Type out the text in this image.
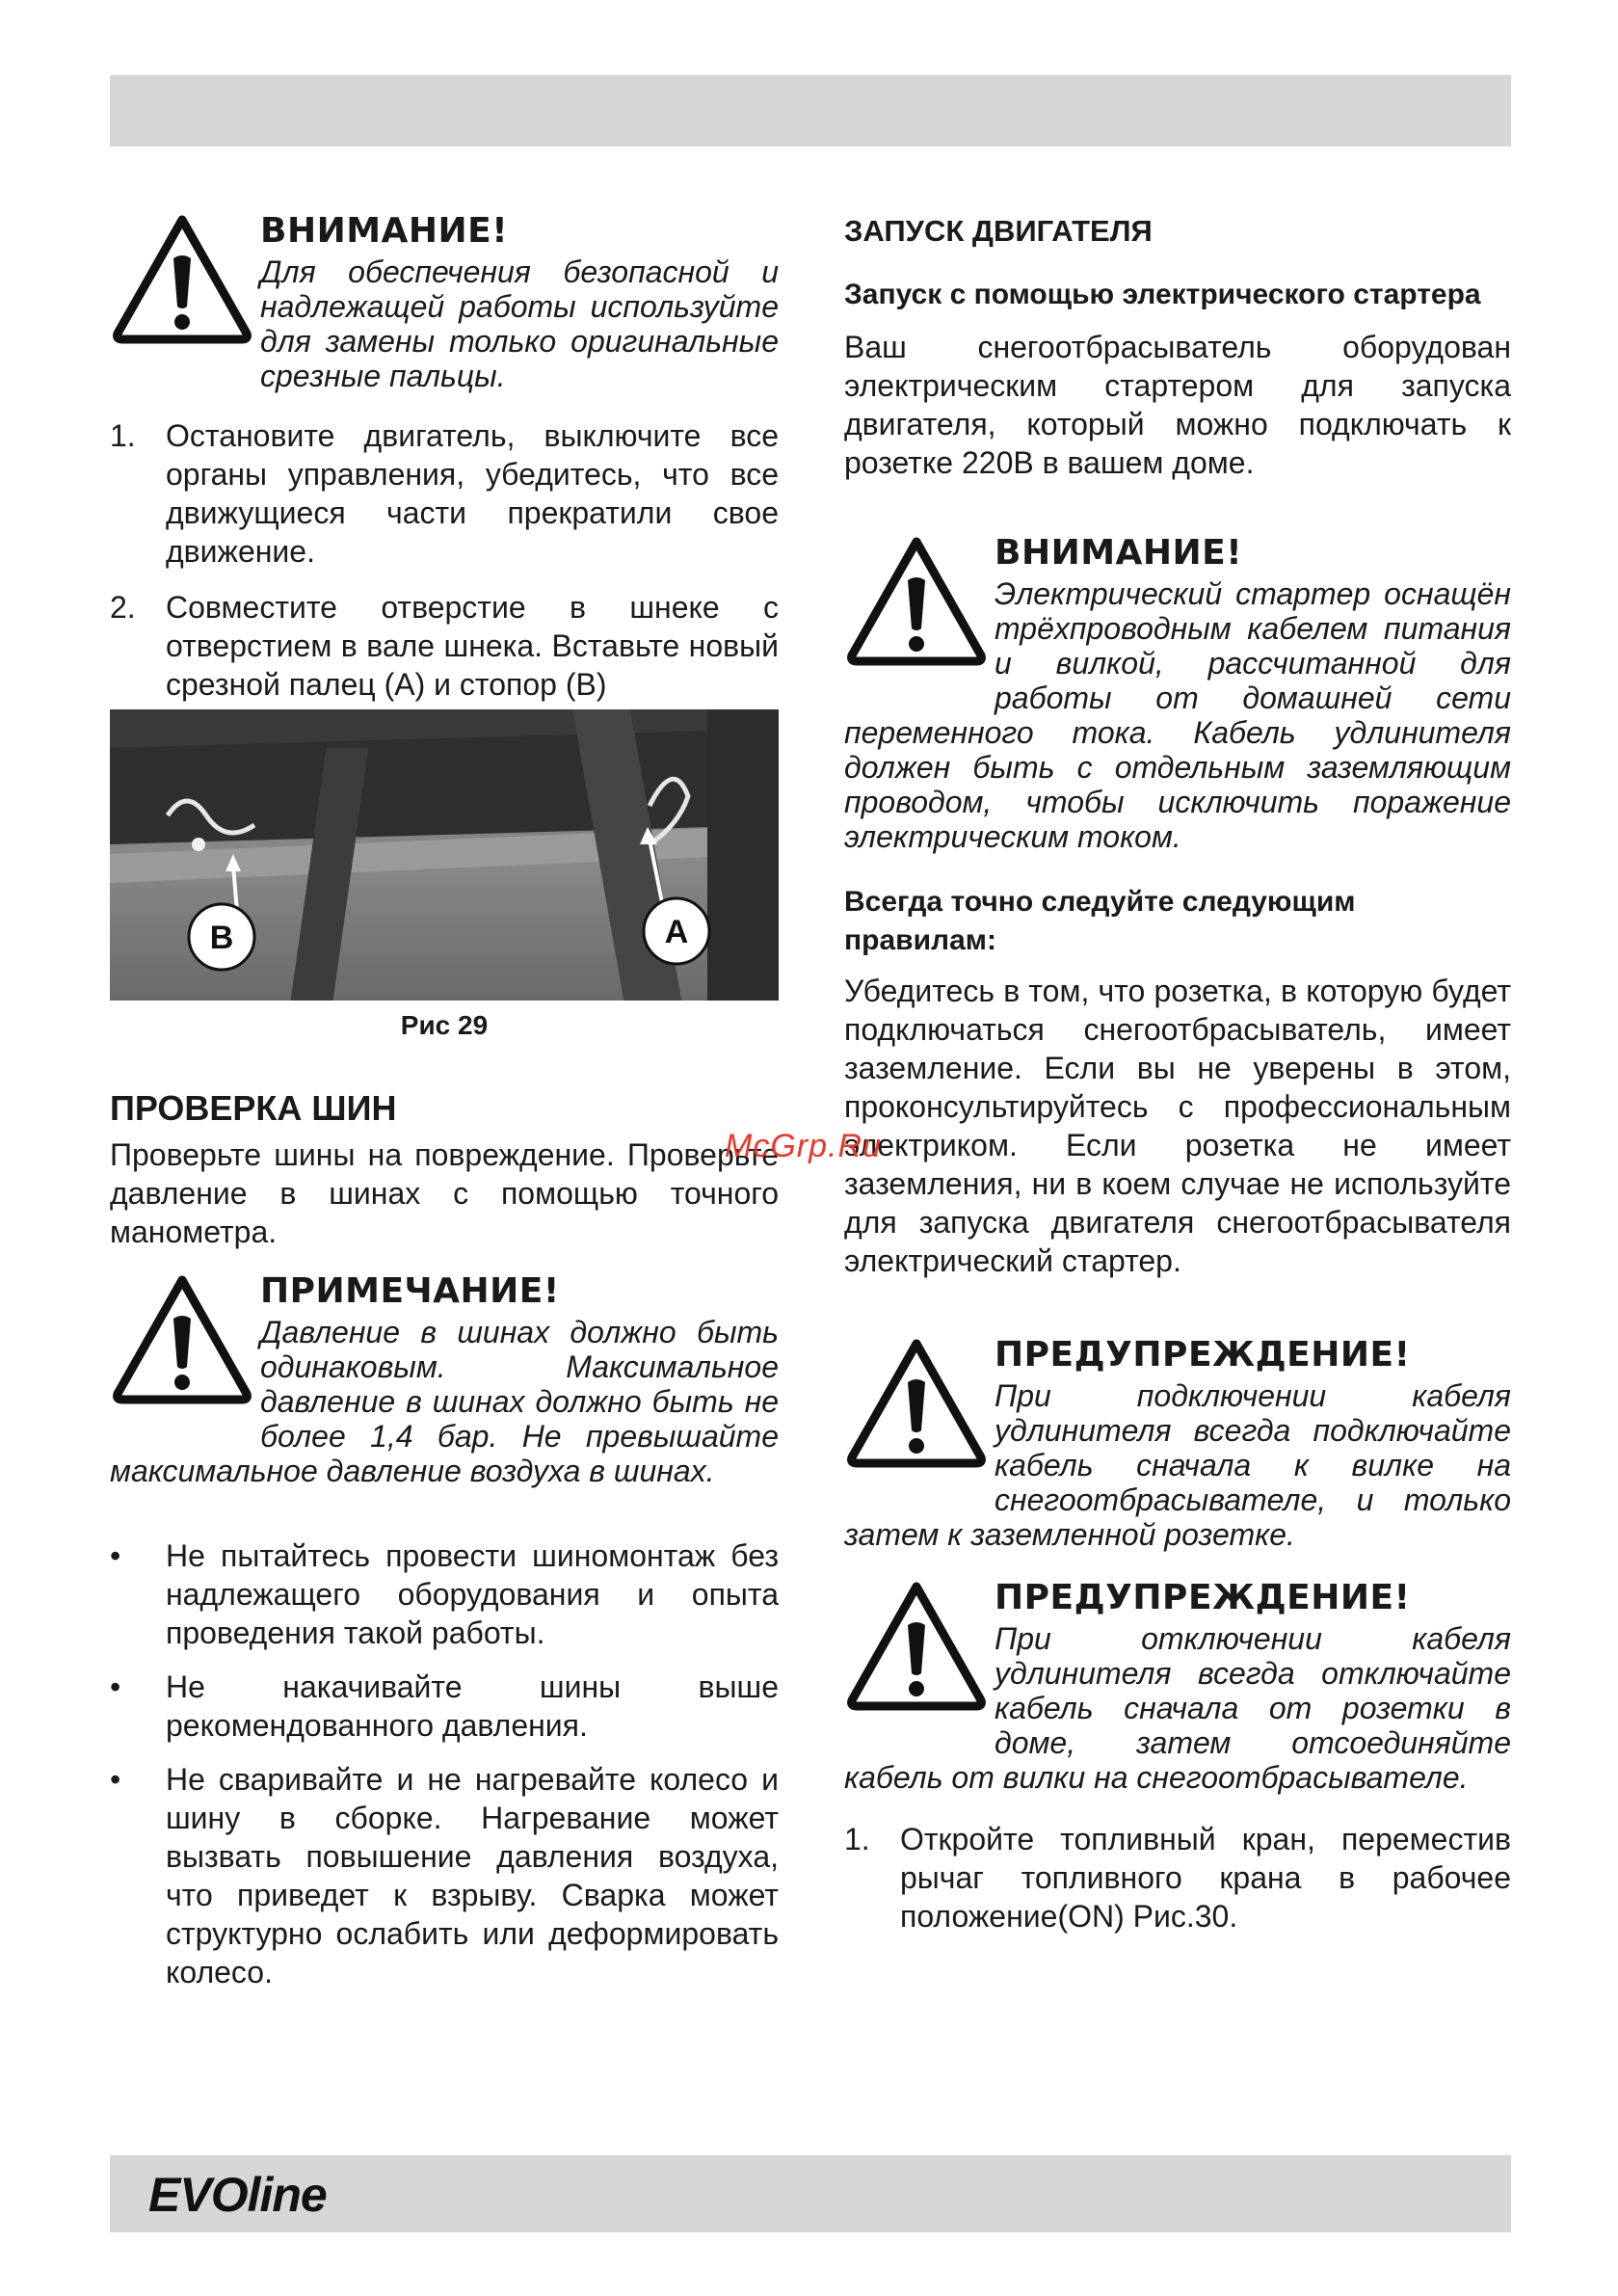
ВНИМАНИЕ!

Для обеспечения безопасной и надлежащей работы используйте для замены только оригинальные срезные пальцы.

1. Остановите двигатель, выключите все органы управления, убедитесь, что все движущиеся части прекратили свое движение.
2. Совместите отверстие в шнеке с отверстием в вале шнека. Вставьте новый срезной палец (А) и стопор (В)
ПРОВЕРКА ШИН

Проверьте шины на повреждение. Проверьте давление в шинах с помощью точного манометра.

ПРИМЕЧАНИЕ!

Давление в шинах должно быть одинаковым. Максимальное давление в шинах должно быть не более 1,4 бар. Не превышайте максимальное давление воздуха в шинах.

• Не пытайтесь провести шиномонтаж без надлежащего оборудования и опыта проведения такой работы.
• Не накачивайте шины выше рекомендованного давления.
• Не сваривайте и не нагревайте колесо и шину в сборке. Нагревание может вызвать повышение давления воздуха, что приведет к взрыву. Сварка может структурно ослабить или деформировать колесо.
B	A
Рис 29
ЗАПУСК ДВИГАТЕЛЯ
Запуск с помощью электрического стартера

Ваш снегоотбрасыватель оборудован электрическим стартером для запуска двигателя, который можно подключать к розетке 220В в вашем доме.

ВНИМАНИЕ!

Электрический стартер оснащён трёхпроводным кабелем питания и вилкой, рассчитанной для работы от домашней сети переменного тока. Кабель удлинителя должен быть с отдельным заземляющим проводом, чтобы исключить поражение электрическим током.

Всегда точно следуйте следующим правилам:

Убедитесь в том, что розетка, в которую будет подключаться снегоотбрасыватель, имеет заземление. Если вы не уверены в этом, проконсультируйтесь с профессиональным электриком. Если розетка не имеет заземления, ни в коем случае не используйте для запуска двигателя снегоотбрасывателя электрический стартер.

ПРЕДУПРЕЖДЕНИЕ!

При подключении кабеля удлинителя всегда подключайте кабель сначала к вилке на снегоотбрасывателе, и только затем к заземленной розетке.

ПРЕДУПРЕЖДЕНИЕ!

При отключении кабеля удлинителя всегда отключайте кабель сначала от розетки в доме, затем отсоединяйте кабель от вилки на снегоотбрасывателе.

1. Откройте топливный кран, переместив рычаг топливного крана в рабочее положение(ON) Рис.30.
McGrp.Ru
EVOline
